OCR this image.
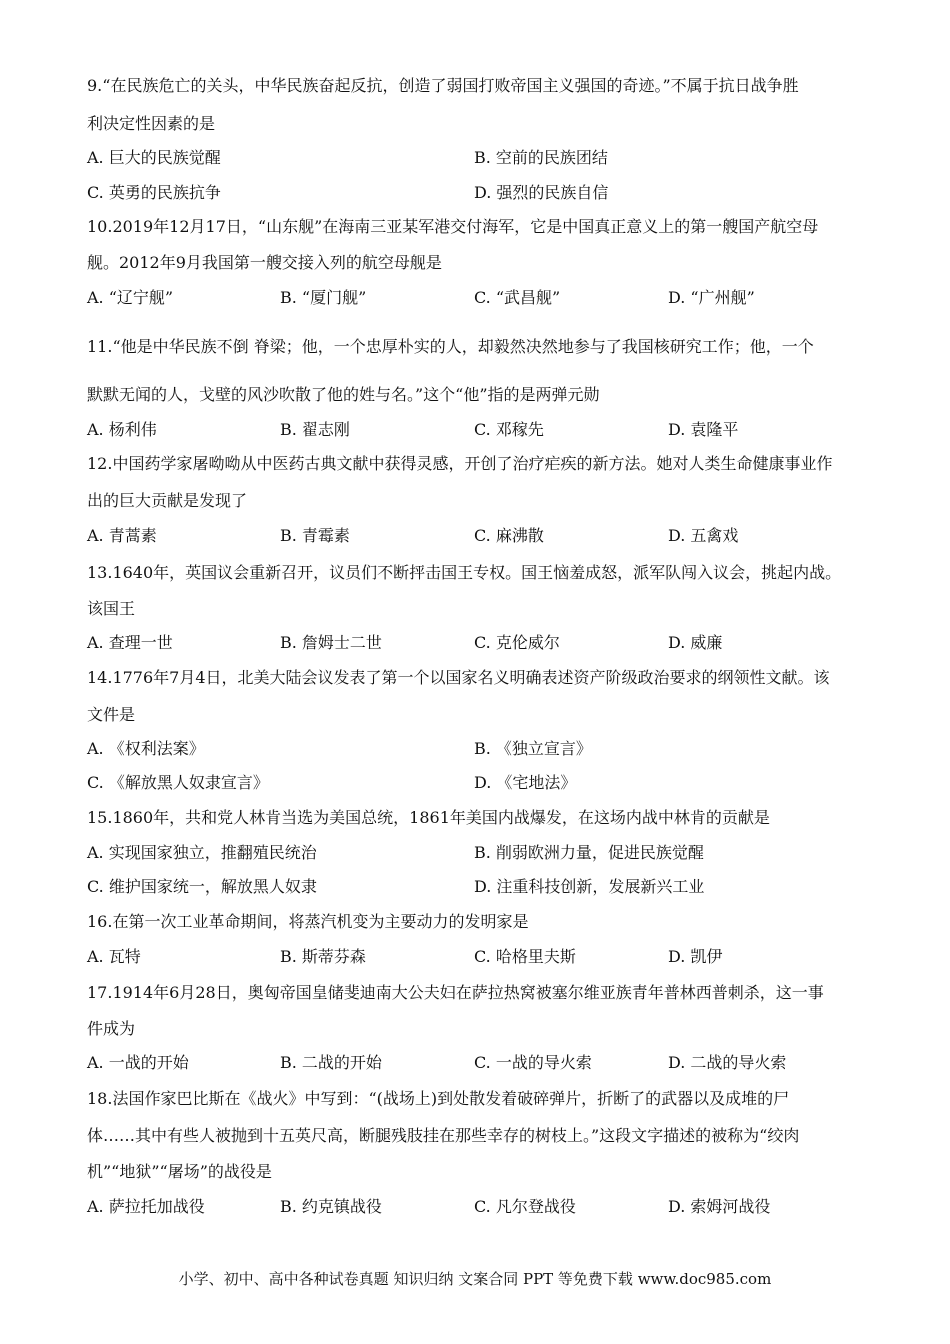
9.“在民族危亡的关头，中华民族奋起反抗，创造了弱国打败帝国主义强国的奇迹。”不属于抗日战争胜
利决定性因素的是
A. 巨大的民族觉醒	B. 空前的民族团结
C. 英勇的民族抗争	D. 强烈的民族自信
10.2019年12月17日，“山东舰”在海南三亚某军港交付海军，它是中国真正意义上的第一艘国产航空母
舰。2012年9月我国第一艘交接入列的航空母舰是
A. “辽宁舰”	B. “厦门舰”	C. “武昌舰”	D. “广州舰”
11.“他是中华民族不倒 脊梁；他，一个忠厚朴实的人，却毅然决然地参与了我国核研究工作；他，一个
默默无闻的人，戈壁的风沙吹散了他的姓与名。”这个“他”指的是两弹元勋
A. 杨利伟	B. 翟志刚	C. 邓稼先	D. 袁隆平
12.中国药学家屠呦呦从中医药古典文献中获得灵感，开创了治疗疟疾的新方法。她对人类生命健康事业作
出的巨大贡献是发现了
A. 青蒿素	B. 青霉素	C. 麻沸散	D. 五禽戏
13.1640年，英国议会重新召开，议员们不断抨击国王专权。国王恼羞成怒，派军队闯入议会，挑起内战。
该国王
A. 查理一世	B. 詹姆士二世	C. 克伦威尔	D. 威廉
14.1776年7月4日，北美大陆会议发表了第一个以国家名义明确表述资产阶级政治要求的纲领性文献。该
文件是
A. 《权利法案》	B. 《独立宣言》
C. 《解放黑人奴隶宣言》	D. 《宅地法》
15.1860年，共和党人林肯当选为美国总统，1861年美国内战爆发，在这场内战中林肯的贡献是
A. 实现国家独立，推翻殖民统治	B. 削弱欧洲力量，促进民族觉醒
C. 维护国家统一，解放黑人奴隶	D. 注重科技创新，发展新兴工业
16.在第一次工业革命期间，将蒸汽机变为主要动力的发明家是
A. 瓦特	B. 斯蒂芬森	C. 哈格里夫斯	D. 凯伊
17.1914年6月28日，奥匈帝国皇储斐迪南大公夫妇在萨拉热窝被塞尔维亚族青年普林西普刺杀，这一事
件成为
A. 一战的开始	B. 二战的开始	C. 一战的导火索	D. 二战的导火索
18.法国作家巴比斯在《战火》中写到：“(战场上)到处散发着破碎弹片，折断了的武器以及成堆的尸
体……其中有些人被抛到十五英尺高，断腿残肢挂在那些幸存的树枝上。”这段文字描述的被称为“绞肉
机”“地狱”“屠场”的战役是
A. 萨拉托加战役	B. 约克镇战役	C. 凡尔登战役	D. 索姆河战役
小学、初中、高中各种试卷真题 知识归纳 文案合同 PPT 等免费下载 www.doc985.com
